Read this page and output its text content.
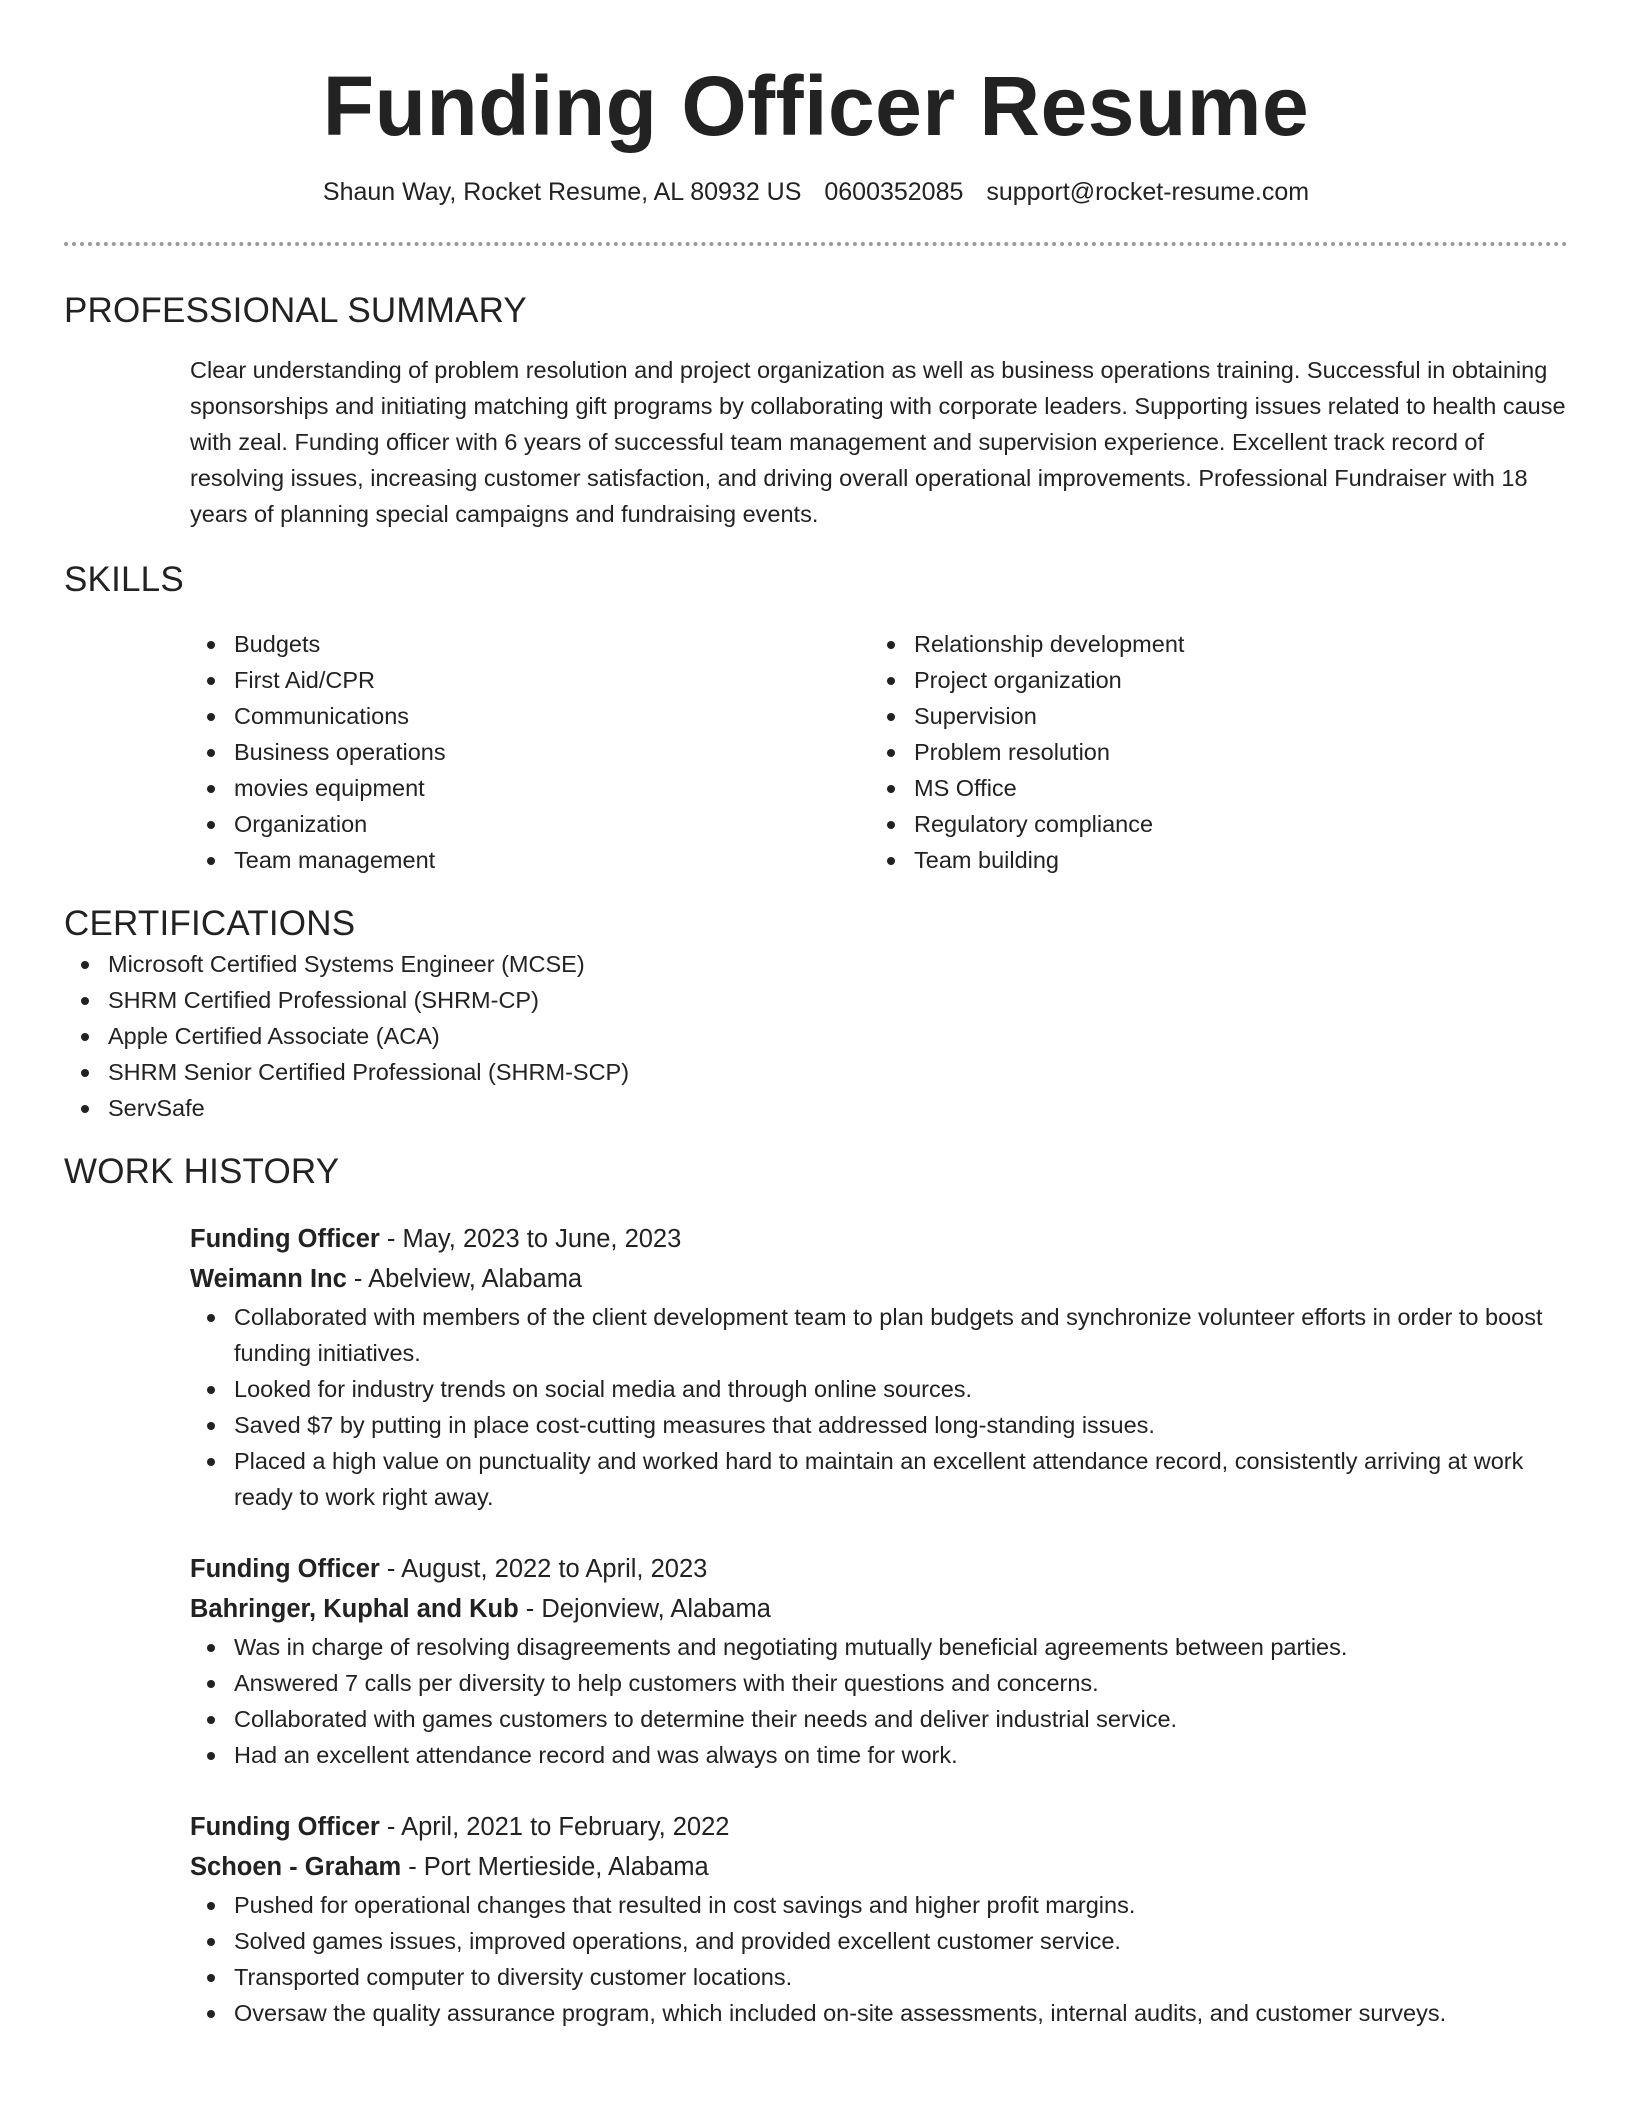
Funding Officer Resume
Shaun Way, Rocket Resume, AL 80932 US 0600352085 support@rocket-resume.com
PROFESSIONAL SUMMARY

Clear understanding of problem resolution and project organization as well as business operations training. Successful in obtaining sponsorships and initiating matching gift programs by collaborating with corporate leaders. Supporting issues related to health cause with zeal. Funding officer with 6 years of successful team management and supervision experience. Excellent track record of resolving issues, increasing customer satisfaction, and driving overall operational improvements. Professional Fundraiser with 18 years of planning special campaigns and fundraising events.

SKILLS
Budgets
First Aid/CPR
Communications
Business operations
movies equipment
Organization
Team management
Relationship development
Project organization
Supervision
Problem resolution
MS Office
Regulatory compliance
Team building
CERTIFICATIONS
Microsoft Certified Systems Engineer (MCSE)
SHRM Certified Professional (SHRM-CP)
Apple Certified Associate (ACA)
SHRM Senior Certified Professional (SHRM-SCP)
ServSafe
WORK HISTORY
Funding Officer - May, 2023 to June, 2023
Weimann Inc - Abelview, Alabama
Collaborated with members of the client development team to plan budgets and synchronize volunteer efforts in order to boost funding initiatives.
Looked for industry trends on social media and through online sources.
Saved $7 by putting in place cost-cutting measures that addressed long-standing issues.
Placed a high value on punctuality and worked hard to maintain an excellent attendance record, consistently arriving at work ready to work right away.
Funding Officer - August, 2022 to April, 2023
Bahringer, Kuphal and Kub - Dejonview, Alabama
Was in charge of resolving disagreements and negotiating mutually beneficial agreements between parties.
Answered 7 calls per diversity to help customers with their questions and concerns.
Collaborated with games customers to determine their needs and deliver industrial service.
Had an excellent attendance record and was always on time for work.
Funding Officer - April, 2021 to February, 2022
Schoen - Graham - Port Mertieside, Alabama
Pushed for operational changes that resulted in cost savings and higher profit margins.
Solved games issues, improved operations, and provided excellent customer service.
Transported computer to diversity customer locations.
Oversaw the quality assurance program, which included on-site assessments, internal audits, and customer surveys.
